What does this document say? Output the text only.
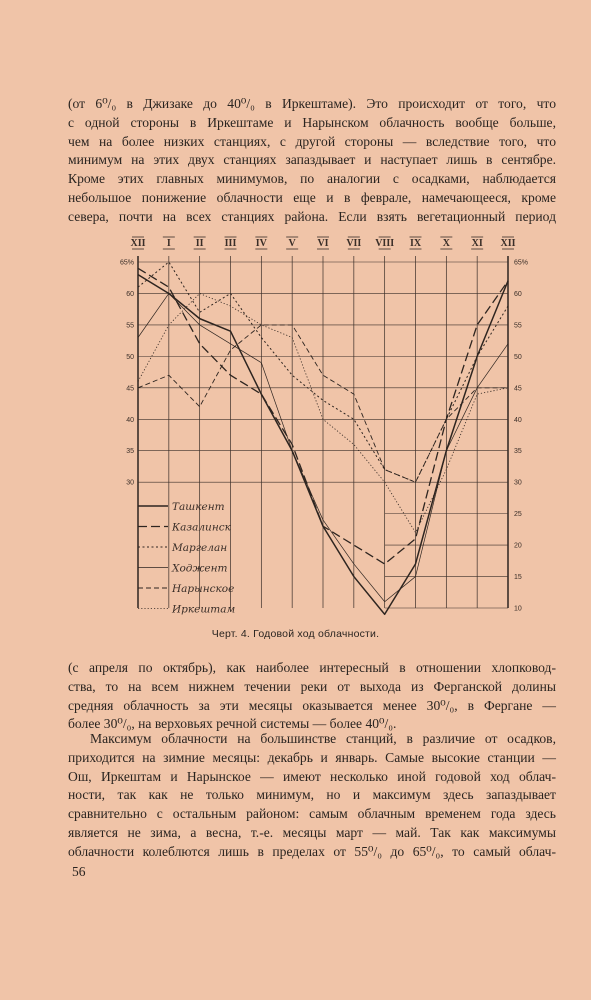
(от 6⁰/₀ в Джизаке до 40⁰/₀ в Иркештаме). Это происходит от того, что
с одной стороны в Иркештаме и Нарынском облачность вообще больше,
чем на более низких станциях, с другой стороны — вследствие того, что
минимум на этих двух станциях запаздывает и наступает лишь в сентябре.
Кроме этих главных минимумов, по аналогии с осадками, наблюдается
небольшое понижение облачности еще и в феврале, намечающееся, кроме
севера, почти на всех станциях района. Если взять вегетационный период

XII I II III IV V VI VII VIII IX X XI XII
65%
60
55
50
45
40
35
30
65%
60
55
50
45
40
35
30
25
20
15
10
Ташкент
Казалинск
Маргелан
Ходжент
Нарынское
Иркештам
Черт. 4. Годовой ход облачности.

(с апреля по октябрь), как наиболее интересный в отношении хлопковод-
ства, то на всем нижнем течении реки от выхода из Ферганской долины
средняя облачность за эти месяцы оказывается менее 30⁰/₀, в Фергане —
более 30⁰/₀, на верховьях речной системы — более 40⁰/₀.

Максимум облачности на большинстве станций, в различие от осадков,
приходится на зимние месяцы: декабрь и январь. Самые высокие станции —
Ош, Иркештам и Нарынское — имеют несколько иной годовой ход облач-
ности, так как не только минимум, но и максимум здесь запаздывает
сравнительно с остальным районом: самым облачным временем года здесь
является не зима, а весна, т.-е. месяцы март — май. Так как максимумы
облачности колеблются лишь в пределах от 55⁰/₀ до 65⁰/₀, то самый облач-

56
